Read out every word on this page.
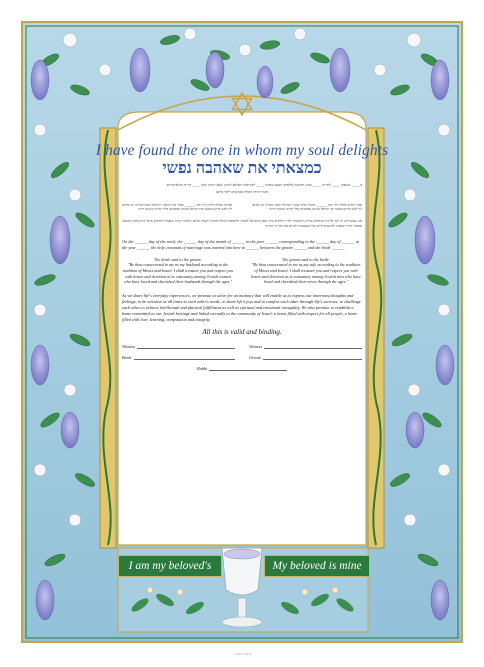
I have found the one in whom my soul delights
כמצאתי את שאהבה נפשי
ב ____ בשבת ____ לחדש ____ שנת חמשת אלפים ושבע מאות ____ לבריאת העולם למנין שאנו מונין כאן ____ ברית המאושרים
אשר החתן והכלה מבקשים ליסד ביתם
אמרה הכלה לחתן הרי את ______ בעלי כדת משה וישראל ומאז שמייני וכן אדאג לך ולבני ביתנו כאשר בת ישראל עושה ובאמונה אלך איתך בשנות חיינו
אמר החתן לכלה הרי את ______ אשתי כדת משה וישראל ומאז שמייני וכן אדאג לך ולבני ביתנו כאשר בן ישראל עושה ובאמונה אלך איתך בשנות חיינו
אנו מבטיחים זה לזה להיות שותפים בחיינו ולשמוח יחדיו ולהקים בית נאמן בישראל לכבוד ולתפארת מלא אהבה ורעות שלום ושלווה תורה ומצוות ולהקים ביחד בית פתוח בהבנה ובכבוד הדדי ובאמון ולהגשים חיים של משמעות ולקיים את דבר ה׳ בחיינו
On the ______ day of the week, the ______ day of the month of ______ in the year ______ corresponding to the ______ day of ______ in the year ______ the holy covenant of marriage was entered into here in ______ between the groom ______ and the bride ______
The bride said to the groom:
"Be thou consecrated to me as my husband according to the tradition of Moses and Israel. I shall treasure you and respect you with honor and devotion as is customary among Jewish women who have loved and cherished their husbands through the ages."
The groom said to the bride:
"Be thou consecrated to me as my wife according to the tradition of Moses and Israel. I shall treasure you and respect you with honor and devotion as is customary among Jewish men who have loved and cherished their wives through the ages."
As we share life's everyday experiences, we promise to strive for an intimacy that will enable us to express our innermost thoughts and feelings; to be sensitive at all times to each other's needs; to share life's joys and to comfort each other through life's sorrows; to challenge each other to achieve intellectual and physical fulfillment as well as spiritual and emotional tranquility. We also promise to establish a home committed to our Jewish heritage and linked eternally to the community of Israel; a home filled with respect for all people, a home filled with love, learning, compassion and integrity.
All this is valid and binding.
Witness	Witness
Bride	Groom
Rabbi
I am my beloved's	My beloved is mine
© Artist 2016
